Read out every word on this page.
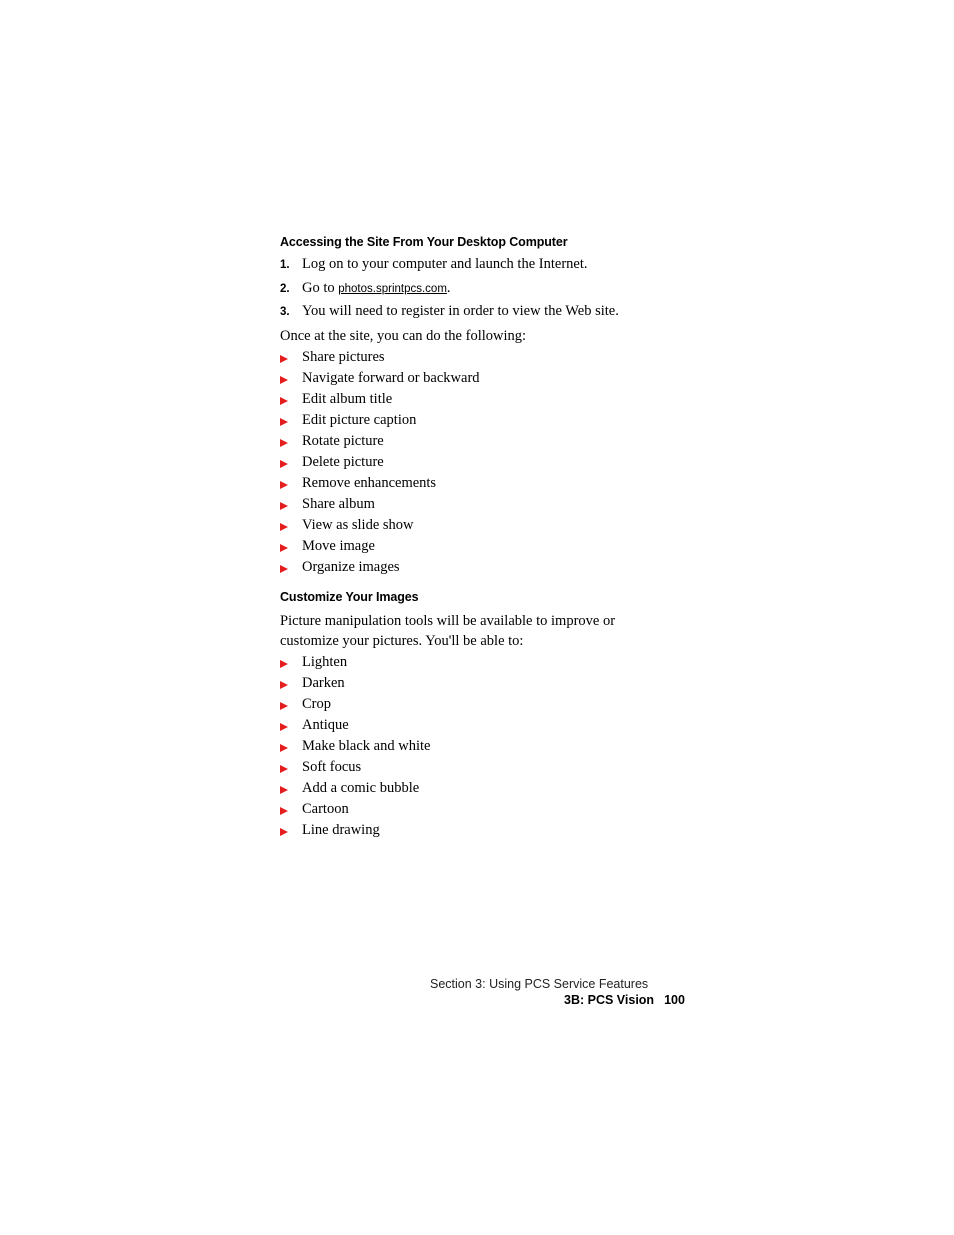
Accessing the Site From Your Desktop Computer
1. Log on to your computer and launch the Internet.
2. Go to photos.sprintpcs.com.
3. You will need to register in order to view the Web site.
Once at the site, you can do the following:
Share pictures
Navigate forward or backward
Edit album title
Edit picture caption
Rotate picture
Delete picture
Remove enhancements
Share album
View as slide show
Move image
Organize images
Customize Your Images
Picture manipulation tools will be available to improve or customize your pictures. You'll be able to:
Lighten
Darken
Crop
Antique
Make black and white
Soft focus
Add a comic bubble
Cartoon
Line drawing
Section 3: Using PCS Service Features
3B: PCS Vision 100
